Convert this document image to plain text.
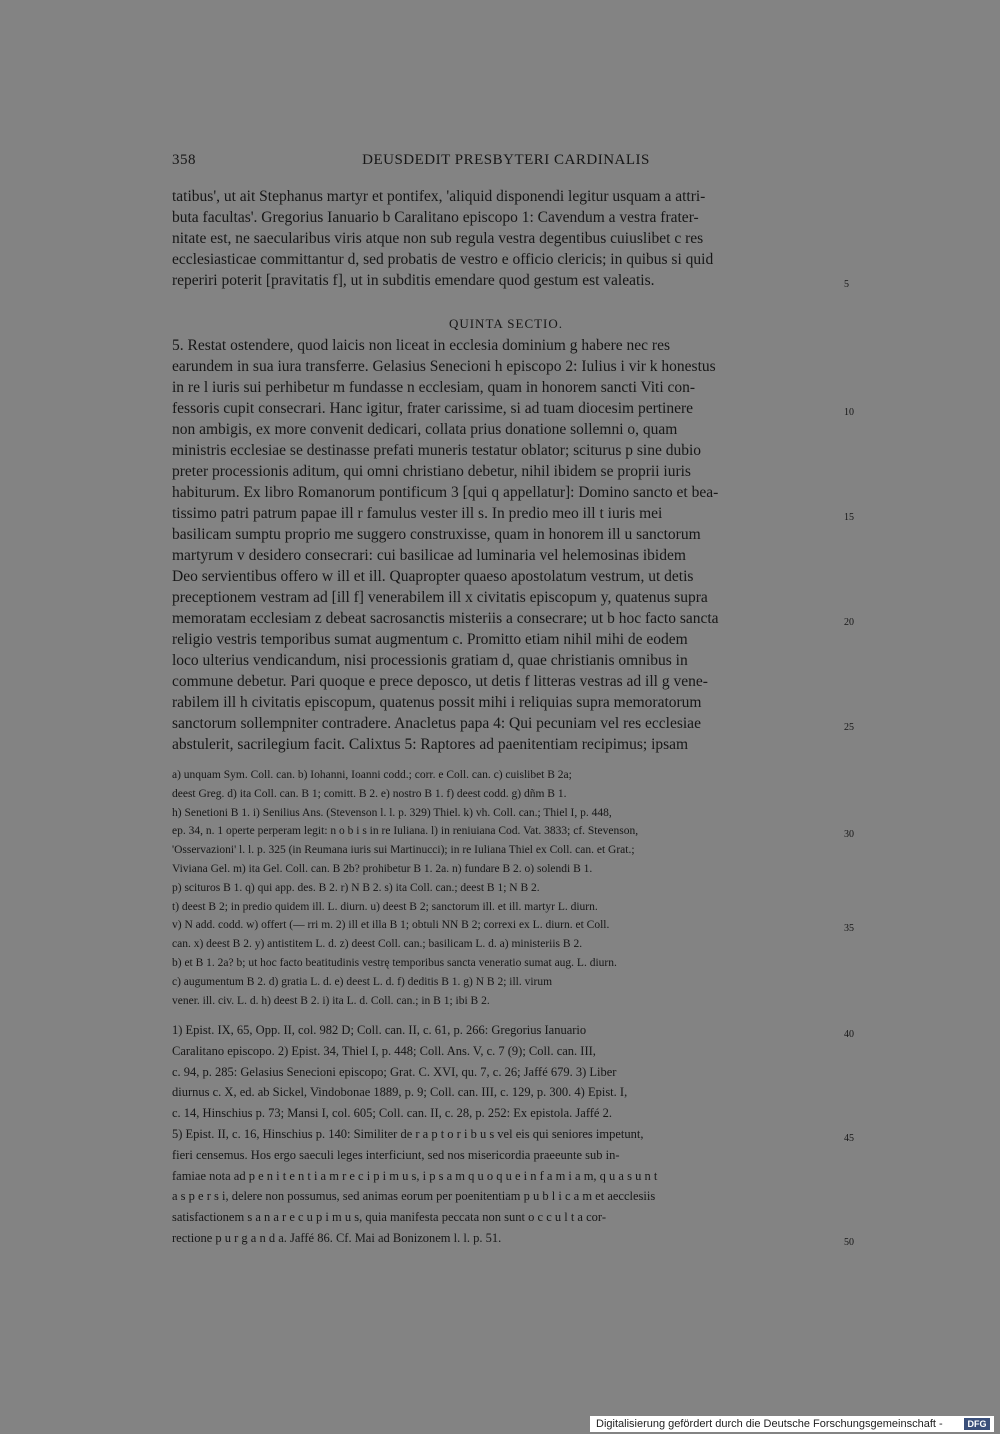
358	DEUSDEDIT PRESBYTERI CARDINALIS
tatibus', ut ait Stephanus martyr et pontifex, 'aliquid disponendi legitur usquam a attri-
buta facultas'. Gregorius Ianuario b Caralitano episcopo 1: Cavendum a vestra frater-
nitate est, ne saecularibus viris atque non sub regula vestra degentibus cuiuslibet c res
ecclesiasticae committantur d, sed probatis de vestro e officio clericis; in quibus si quid
reperiri poterit [pravitatis f], ut in subditis emendare quod gestum est valeatis.	5
QUINTA SECTIO.
5. Restat ostendere, quod laicis non liceat in ecclesia dominium g habere nec res
earundem in sua iura transferre. Gelasius Senecioni h episcopo 2: Iulius i vir k honestus
in re l iuris sui perhibetur m fundasse n ecclesiam, quam in honorem sancti Viti con-
fessoris cupit consecrari. Hanc igitur, frater carissime, si ad tuam diocesim pertinere	10
non ambigis, ex more convenit dedicari, collata prius donatione sollemni o, quam
ministris ecclesiae se destinasse prefati muneris testatur oblator; sciturus p sine dubio
preter processionis aditum, qui omni christiano debetur, nihil ibidem se proprii iuris
habiturum. Ex libro Romanorum pontificum 3 [qui q appellatur]: Domino sancto et bea-
tissimo patri patrum papae ill r famulus vester ill s. In predio meo ill t iuris mei	15
basilicam sumptu proprio me suggero construxisse, quam in honorem ill u sanctorum
martyrum v desidero consecrari: cui basilicae ad luminaria vel helemosinas ibidem
Deo servientibus offero w ill et ill. Quapropter quaeso apostolatum vestrum, ut detis
preceptionem vestram ad [ill f] venerabilem ill x civitatis episcopum y, quatenus supra
memoratam ecclesiam z debeat sacrosanctis misteriis a consecrare; ut b hoc facto sancta	20
religio vestris temporibus sumat augmentum c. Promitto etiam nihil mihi de eodem
loco ulterius vendicandum, nisi processionis gratiam d, quae christianis omnibus in
commune debetur. Pari quoque e prece deposco, ut detis f litteras vestras ad ill g vene-
rabilem ill h civitatis episcopum, quatenus possit mihi i reliquias supra memoratorum
sanctorum sollempniter contradere. Anacletus papa 4: Qui pecuniam vel res ecclesiae	25
abstulerit, sacrilegium facit. Calixtus 5: Raptores ad paenitentiam recipimus; ipsam
a) unquam Sym. Coll. can. b) Iohanni, Ioanni codd.; corr. e Coll. can. c) cuislibet B 2a;
deest Greg. d) ita Coll. can. B 1; comitt. B 2. e) nostro B 1. f) deest codd. g) dñm B 1.
h) Senetioni B 1. i) Senilius Ans. (Stevenson l. l. p. 329) Thiel. k) vh. Coll. can.; Thiel I, p. 448,
ep. 34, n. 1 operte perperam legit: n o b i s in re Iuliana. l) in reniuiana Cod. Vat. 3833; cf. Stevenson,	30
'Osservazioni' l. l. p. 325 (in Reumana iuris sui Martinucci); in re Iuliana Thiel ex Coll. can. et Grat.;
Viviana Gel. m) ita Gel. Coll. can. B 2b? prohibetur B 1. 2a. n) fundare B 2. o) solendi B 1.
p) scituros B 1. q) qui app. des. B 2. r) N B 2. s) ita Coll. can.; deest B 1; N B 2.
t) deest B 2; in predio quidem ill. L. diurn. u) deest B 2; sanctorum ill. et ill. martyr L. diurn.
v) N add. codd. w) offert (— rri m. 2) ill et illa B 1; obtuli NN B 2; correxi ex L. diurn. et Coll.	35
can. x) deest B 2. y) antistitem L. d. z) deest Coll. can.; basilicam L. d. a) ministeriis B 2.
b) et B 1. 2a? b; ut hoc facto beatitudinis vestrę temporibus sancta veneratio sumat aug. L. diurn.
c) augumentum B 2. d) gratia L. d. e) deest L. d. f) deditis B 1. g) N B 2; ill. virum
vener. ill. civ. L. d. h) deest B 2. i) ita L. d. Coll. can.; in B 1; ibi B 2.
1) Epist. IX, 65, Opp. II, col. 982 D; Coll. can. II, c. 61, p. 266: Gregorius Ianuario	40
Caralitano episcopo. 2) Epist. 34, Thiel I, p. 448; Coll. Ans. V, c. 7 (9); Coll. can. III,
c. 94, p. 285: Gelasius Senecioni episcopo; Grat. C. XVI, qu. 7, c. 26; Jaffé 679. 3) Liber
diurnus c. X, ed. ab Sickel, Vindobonae 1889, p. 9; Coll. can. III, c. 129, p. 300. 4) Epist. I,
c. 14, Hinschius p. 73; Mansi I, col. 605; Coll. can. II, c. 28, p. 252: Ex epistola. Jaffé 2.
5) Epist. II, c. 16, Hinschius p. 140: Similiter de r a p t o r i b u s vel eis qui seniores impetunt,	45
fieri censemus. Hos ergo saeculi leges interficiunt, sed nos misericordia praeeunte sub in-
famiae nota ad p e n i t e n t i a m r e c i p i m u s, i p s a m q u o q u e i n f a m i a m, q u a s u n t
a s p e r s i, delere non possumus, sed animas eorum per poenitentiam p u b l i c a m et aecclesiis
satisfactionem s a n a r e c u p i m u s, quia manifesta peccata non sunt o c c u l t a cor-
rectione p u r g a n d a. Jaffé 86. Cf. Mai ad Bonizonem l. l. p. 51.	50
Digitalisierung gefördert durch die Deutsche Forschungsgemeinschaft -	DFG
